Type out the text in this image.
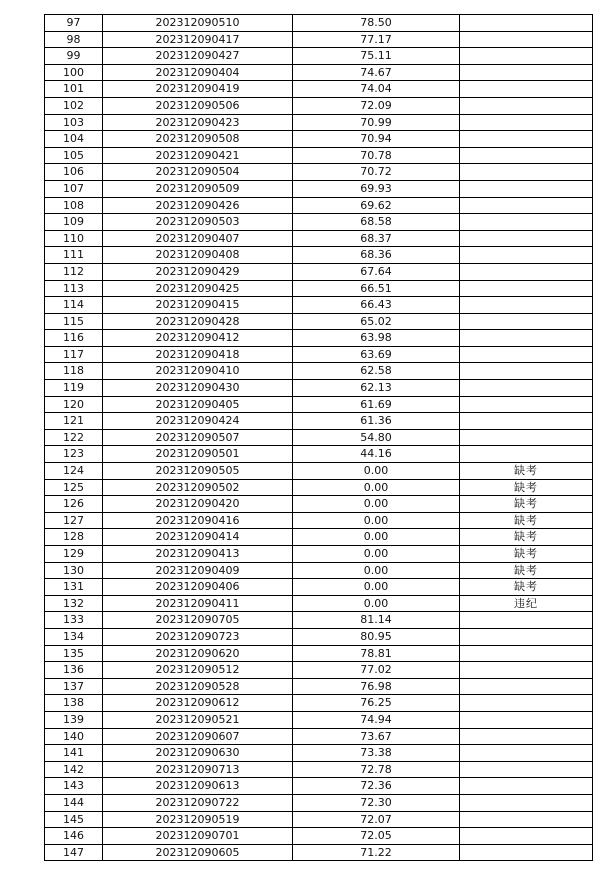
97	202312090510	78.50	
98	202312090417	77.17	
99	202312090427	75.11	
100	202312090404	74.67	
101	202312090419	74.04	
102	202312090506	72.09	
103	202312090423	70.99	
104	202312090508	70.94	
105	202312090421	70.78	
106	202312090504	70.72	
107	202312090509	69.93	
108	202312090426	69.62	
109	202312090503	68.58	
110	202312090407	68.37	
111	202312090408	68.36	
112	202312090429	67.64	
113	202312090425	66.51	
114	202312090415	66.43	
115	202312090428	65.02	
116	202312090412	63.98	
117	202312090418	63.69	
118	202312090410	62.58	
119	202312090430	62.13	
120	202312090405	61.69	
121	202312090424	61.36	
122	202312090507	54.80	
123	202312090501	44.16	
124	202312090505	0.00	缺考
125	202312090502	0.00	缺考
126	202312090420	0.00	缺考
127	202312090416	0.00	缺考
128	202312090414	0.00	缺考
129	202312090413	0.00	缺考
130	202312090409	0.00	缺考
131	202312090406	0.00	缺考
132	202312090411	0.00	违纪
133	202312090705	81.14	
134	202312090723	80.95	
135	202312090620	78.81	
136	202312090512	77.02	
137	202312090528	76.98	
138	202312090612	76.25	
139	202312090521	74.94	
140	202312090607	73.67	
141	202312090630	73.38	
142	202312090713	72.78	
143	202312090613	72.36	
144	202312090722	72.30	
145	202312090519	72.07	
146	202312090701	72.05	
147	202312090605	71.22	
